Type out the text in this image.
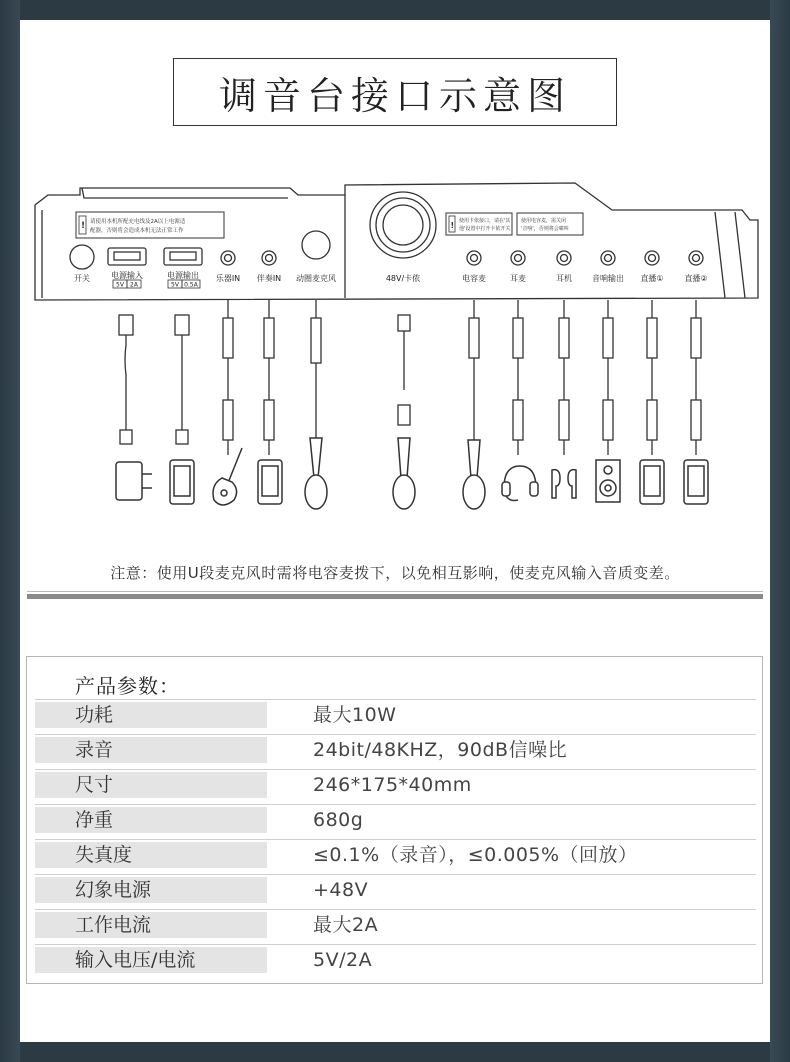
调音台接口示意图
! 请使用本机所配充电线及2A以上电源适
配器，否则将会造成本机无法正常工作
! 使用卡依接口，请在'其
他'设置中打开卡依开关
使用电容麦，需关闭
'音响'，否则将会啸叫
开关	电源输入	电源输出 乐器IN 伴奏IN 动圈麦克风	48V/卡侬	电容麦	耳麦	耳机	音响输出 直播①	直播②
5V 2A	5V 0.5A
注意：使用U段麦克风时需将电容麦拨下，以免相互影响，使麦克风输入音质变差。
产品参数：
功耗	最大10W
录音	24bit/48KHZ，90dB信噪比
尺寸	246*175*40mm
净重	680g
失真度	≤0.1%（录音），≤0.005%（回放）
幻象电源	+48V
工作电流	最大2A
输入电压/电流	5V/2A
